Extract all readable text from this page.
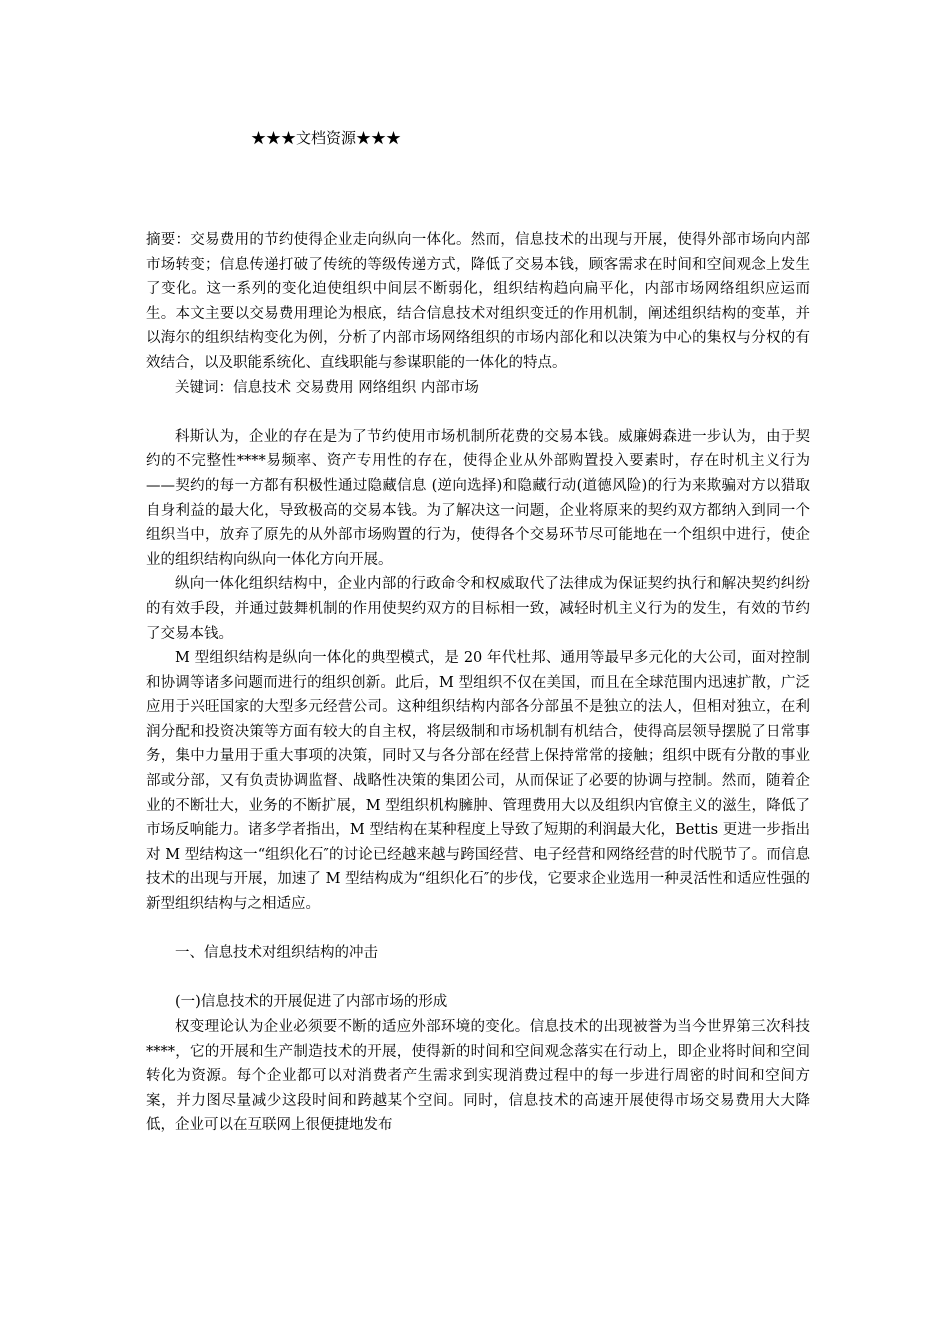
★★★文档资源★★★

摘要：交易费用的节约使得企业走向纵向一体化。然而，信息技术的出现与开展，使得外部市场向内部市场转变；信息传递打破了传统的等级传递方式，降低了交易本钱，顾客需求在时间和空间观念上发生了变化。这一系列的变化迫使组织中间层不断弱化，组织结构趋向扁平化，内部市场网络组织应运而生。本文主要以交易费用理论为根底，结合信息技术对组织变迁的作用机制，阐述组织结构的变革，并以海尔的组织结构变化为例，分析了内部市场网络组织的市场内部化和以决策为中心的集权与分权的有效结合，以及职能系统化、直线职能与参谋职能的一体化的特点。

关键词：信息技术 交易费用 网络组织 内部市场

科斯认为，企业的存在是为了节约使用市场机制所花费的交易本钱。威廉姆森进一步认为，由于契约的不完整性****易频率、资产专用性的存在，使得企业从外部购置投入要素时，存在时机主义行为——契约的每一方都有积极性通过隐藏信息 (逆向选择)和隐藏行动(道德风险)的行为来欺骗对方以猎取自身利益的最大化，导致极高的交易本钱。为了解决这一问题，企业将原来的契约双方都纳入到同一个组织当中，放弃了原先的从外部市场购置的行为，使得各个交易环节尽可能地在一个组织中进行，使企业的组织结构向纵向一体化方向开展。

纵向一体化组织结构中，企业内部的行政命令和权威取代了法律成为保证契约执行和解决契约纠纷的有效手段，并通过鼓舞机制的作用使契约双方的目标相一致，减轻时机主义行为的发生，有效的节约了交易本钱。

M 型组织结构是纵向一体化的典型模式，是 20 年代杜邦、通用等最早多元化的大公司，面对控制和协调等诸多问题而进行的组织创新。此后，M 型组织不仅在美国，而且在全球范围内迅速扩散，广泛应用于兴旺国家的大型多元经营公司。这种组织结构内部各分部虽不是独立的法人，但相对独立，在利润分配和投资决策等方面有较大的自主权，将层级制和市场机制有机结合，使得高层领导摆脱了日常事务，集中力量用于重大事项的决策，同时又与各分部在经营上保持常常的接触；组织中既有分散的事业部或分部，又有负责协调监督、战略性决策的集团公司，从而保证了必要的协调与控制。然而，随着企业的不断壮大，业务的不断扩展，M 型组织机构臃肿、管理费用大以及组织内官僚主义的滋生，降低了市场反响能力。诸多学者指出，M 型结构在某种程度上导致了短期的利润最大化，Bettis 更进一步指出对 M 型结构这一“组织化石″的讨论已经越来越与跨国经营、电子经营和网络经营的时代脱节了。而信息技术的出现与开展，加速了 M 型结构成为“组织化石″的步伐，它要求企业选用一种灵活性和适应性强的新型组织结构与之相适应。

一、信息技术对组织结构的冲击

(一)信息技术的开展促进了内部市场的形成

权变理论认为企业必须要不断的适应外部环境的变化。信息技术的出现被誉为当今世界第三次科技****，它的开展和生产制造技术的开展，使得新的时间和空间观念落实在行动上，即企业将时间和空间转化为资源。每个企业都可以对消费者产生需求到实现消费过程中的每一步进行周密的时间和空间方案，并力图尽量减少这段时间和跨越某个空间。同时，信息技术的高速开展使得市场交易费用大大降低，企业可以在互联网上很便捷地发布
